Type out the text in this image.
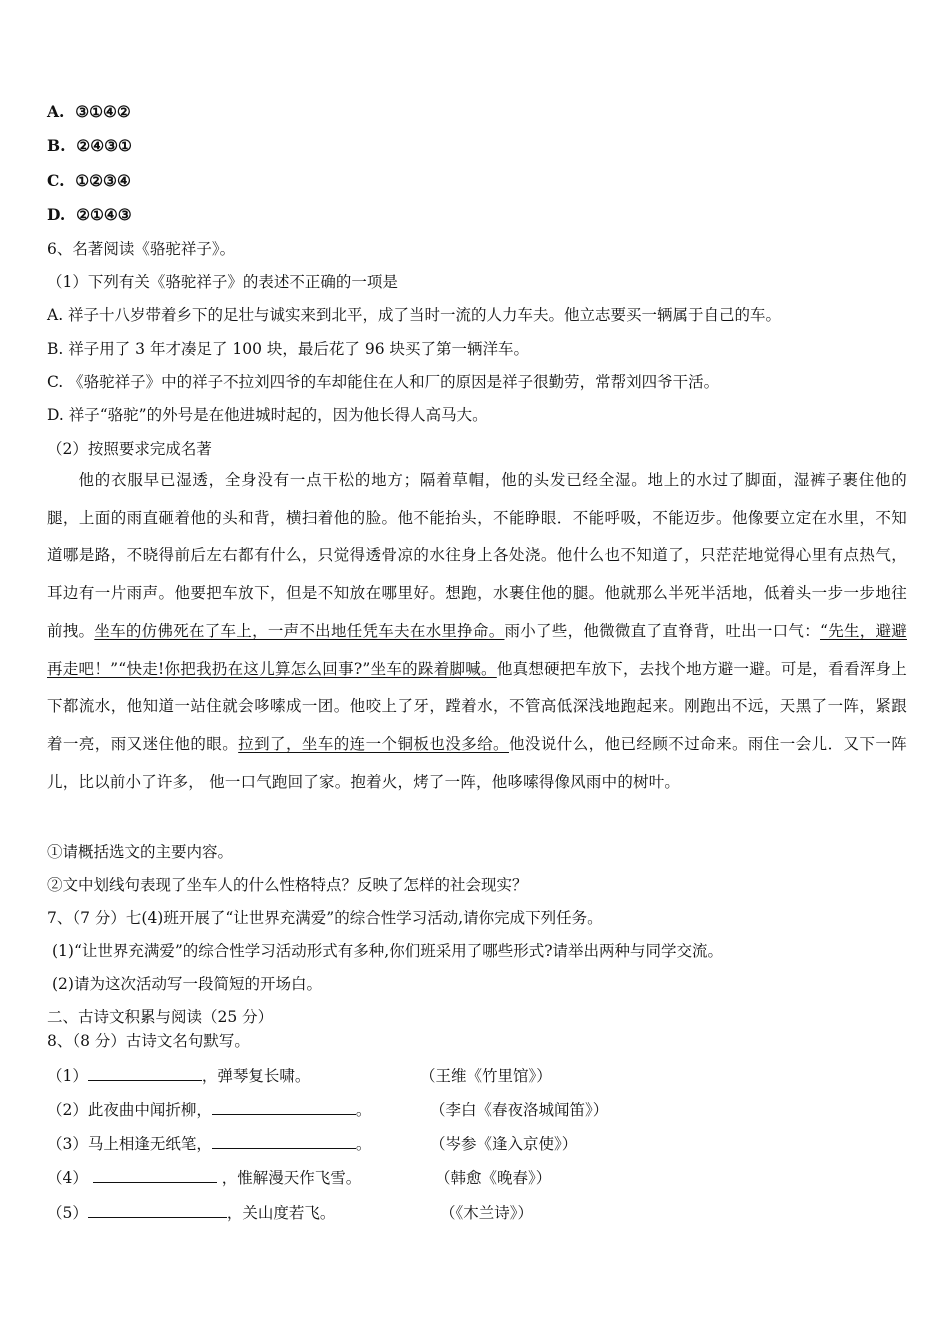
A. ③①④②
B. ②④③①
C. ①②③④
D. ②①④③
6、名著阅读《骆驼祥子》。
（1）下列有关《骆驼祥子》的表述不正确的一项是
A. 祥子十八岁带着乡下的足壮与诚实来到北平，成了当时一流的人力车夫。他立志要买一辆属于自己的车。
B. 祥子用了 3 年才凑足了 100 块，最后花了 96 块买了第一辆洋车。
C. 《骆驼祥子》中的祥子不拉刘四爷的车却能住在人和厂的原因是祥子很勤劳，常帮刘四爷干活。
D. 祥子“骆驼”的外号是在他进城时起的，因为他长得人高马大。
（2）按照要求完成名著
他的衣服早已湿透，全身没有一点干松的地方；隔着草帽，他的头发已经全湿。地上的水过了脚面，湿裤子裹住他的腿，上面的雨直砸着他的头和背，横扫着他的脸。他不能抬头，不能睁眼．不能呼吸，不能迈步。他像要立定在水里，不知道哪是路，不晓得前后左右都有什么，只觉得透骨凉的水往身上各处浇。他什么也不知道了，只茫茫地觉得心里有点热气，耳边有一片雨声。他要把车放下，但是不知放在哪里好。想跑，水裹住他的腿。他就那么半死半活地，低着头一步一步地往前拽。坐车的仿佛死在了车上，一声不出地任凭车夫在水里挣命。雨小了些，他微微直了直脊背，吐出一口气：“先生，避避再走吧！”“快走!你把我扔在这儿算怎么回事?”坐车的跺着脚喊。他真想硬把车放下，去找个地方避一避。可是，看看浑身上下都流水，他知道一站住就会哆嗦成一团。他咬上了牙，蹚着水，不管高低深浅地跑起来。刚跑出不远，天黑了一阵，紧跟着一亮，雨又迷住他的眼。拉到了，坐车的连一个铜板也没多给。他没说什么，他已经顾不过命来。雨住一会儿．又下一阵儿，比以前小了许多， 他一口气跑回了家。抱着火，烤了一阵，他哆嗦得像风雨中的树叶。
①请概括选文的主要内容。
②文中划线句表现了坐车人的什么性格特点？反映了怎样的社会现实？
7、（7 分）七(4)班开展了“让世界充满爱”的综合性学习活动,请你完成下列任务。
(1)“让世界充满爱”的综合性学习活动形式有多种,你们班采用了哪些形式?请举出两种与同学交流。
(2)请为这次活动写一段简短的开场白。
二、古诗文积累与阅读（25 分）
8、（8 分）古诗文名句默写。
（1）	，弹琴复长啸。	（王维《竹里馆》）
（2）此夜曲中闻折柳，	。	（李白《春夜洛城闻笛》）
（3）马上相逢无纸笔，	。	（岑参《逢入京使》）
（4）	，惟解漫天作飞雪。	（韩愈《晚春》）
（5）	，关山度若飞。	（《木兰诗》）
